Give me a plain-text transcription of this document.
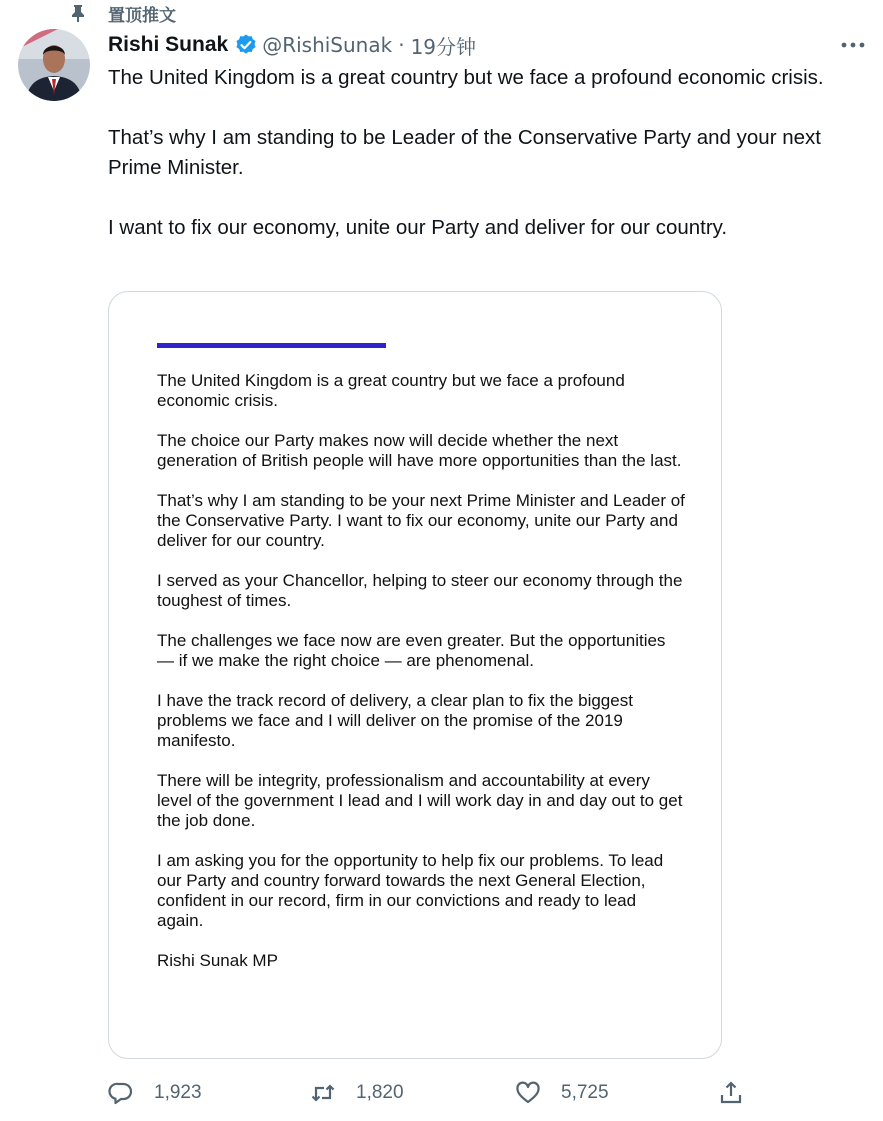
置顶推文
Rishi Sunak @RishiSunak · 19分钟

The United Kingdom is a great country but we face a profound economic crisis.

That’s why I am standing to be Leader of the Conservative Party and your next Prime Minister.

I want to fix our economy, unite our Party and deliver for our country.

The United Kingdom is a great country but we face a profound economic crisis.

The choice our Party makes now will decide whether the next generation of British people will have more opportunities than the last.

That’s why I am standing to be your next Prime Minister and Leader of the Conservative Party. I want to fix our economy, unite our Party and deliver for our country.

I served as your Chancellor, helping to steer our economy through the toughest of times.

The challenges we face now are even greater. But the opportunities — if we make the right choice — are phenomenal.

I have the track record of delivery, a clear plan to fix the biggest problems we face and I will deliver on the promise of the 2019 manifesto.

There will be integrity, professionalism and accountability at every level of the government I lead and I will work day in and day out to get the job done.

I am asking you for the opportunity to help fix our problems. To lead our Party and country forward towards the next General Election, confident in our record, firm in our convictions and ready to lead again.

Rishi Sunak MP

1,923	1,820	5,725
